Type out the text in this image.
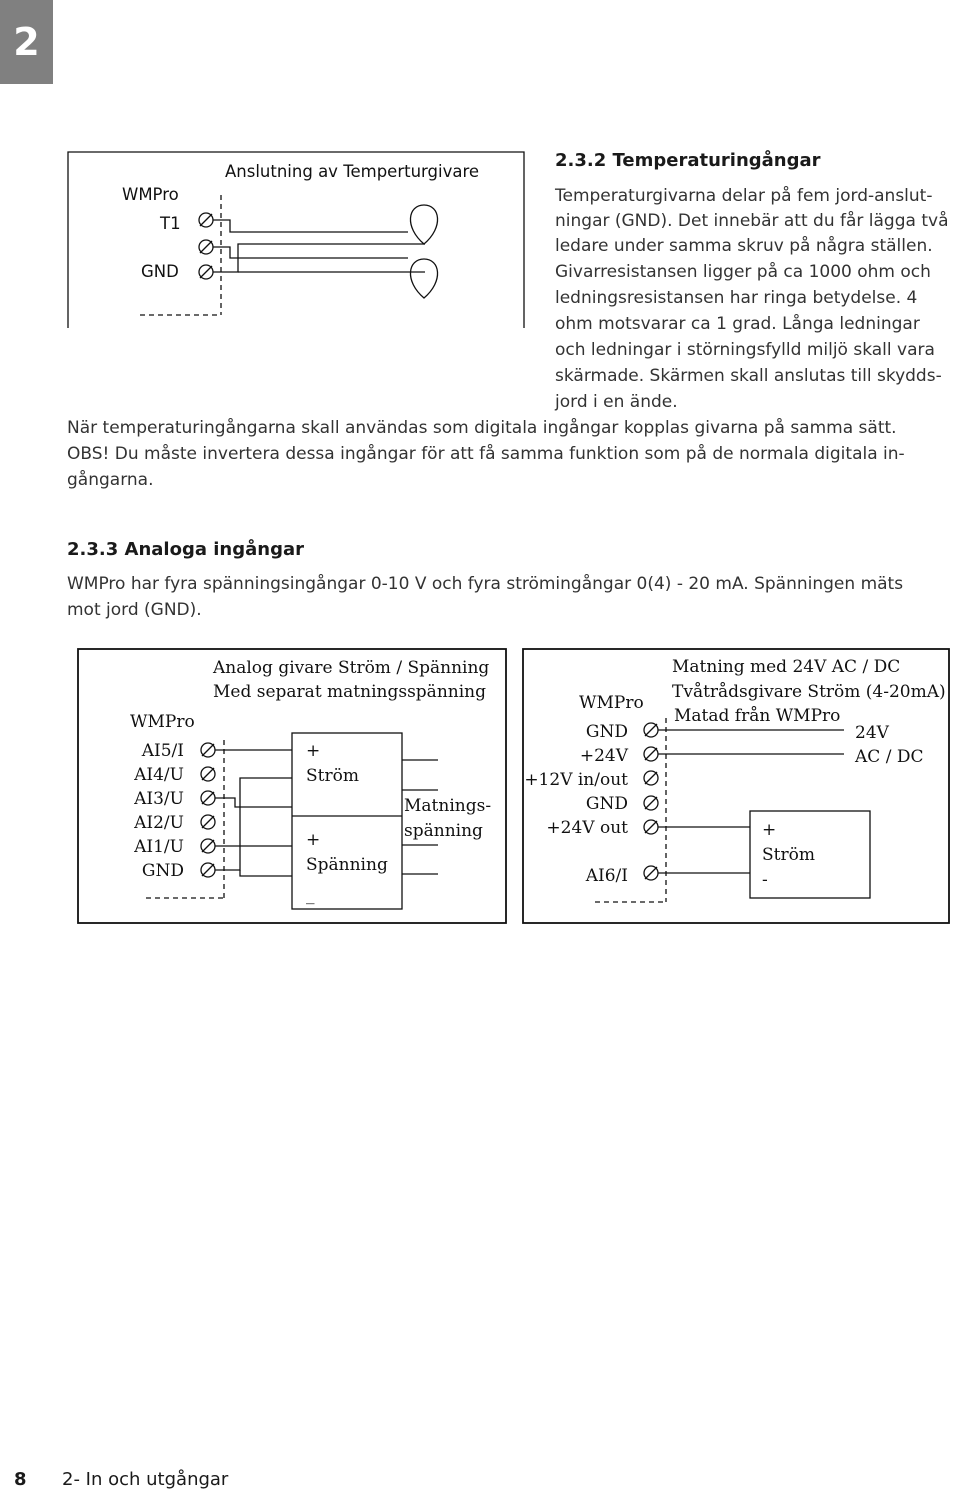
2
Anslutning av Temperturgivare
WMPro
T1
GND
Analog givare Ström / Spänning
Med separat matningsspänning
WMPro
AI5/I
AI4/U
AI3/U
AI2/U
AI1/U
GND
+
Ström
+
Spänning
_
Matnings-
spänning
Matning med 24V AC / DC
Tvåtrådsgivare Ström (4-20mA)
Matad från WMPro
WMPro
GND
+24V
+12V in/out
GND
+24V out
AI6/I
24V
AC / DC
+
Ström
-

2.3.2 Temperaturingångar

Temperaturgivarna delar på fem jord-anslut-

ningar (GND). Det innebär att du får lägga två

ledare under samma skruv på några ställen.

Givarresistansen ligger på ca 1000 ohm och

ledningsresistansen har ringa betydelse. 4

ohm motsvarar ca 1 grad. Långa ledningar

och ledningar i störningsfylld miljö skall vara

skärmade. Skärmen skall anslutas till skydds-

jord i en ände.

När temperaturingångarna skall användas som digitala ingångar kopplas givarna på samma sätt.

OBS! Du måste invertera dessa ingångar för att få samma funktion som på de normala digitala in-

gångarna.

2.3.3 Analoga ingångar

WMPro har fyra spänningsingångar 0-10 V och fyra strömingångar 0(4) - 20 mA. Spänningen mäts

mot jord (GND).

8 2- In och utgångar
